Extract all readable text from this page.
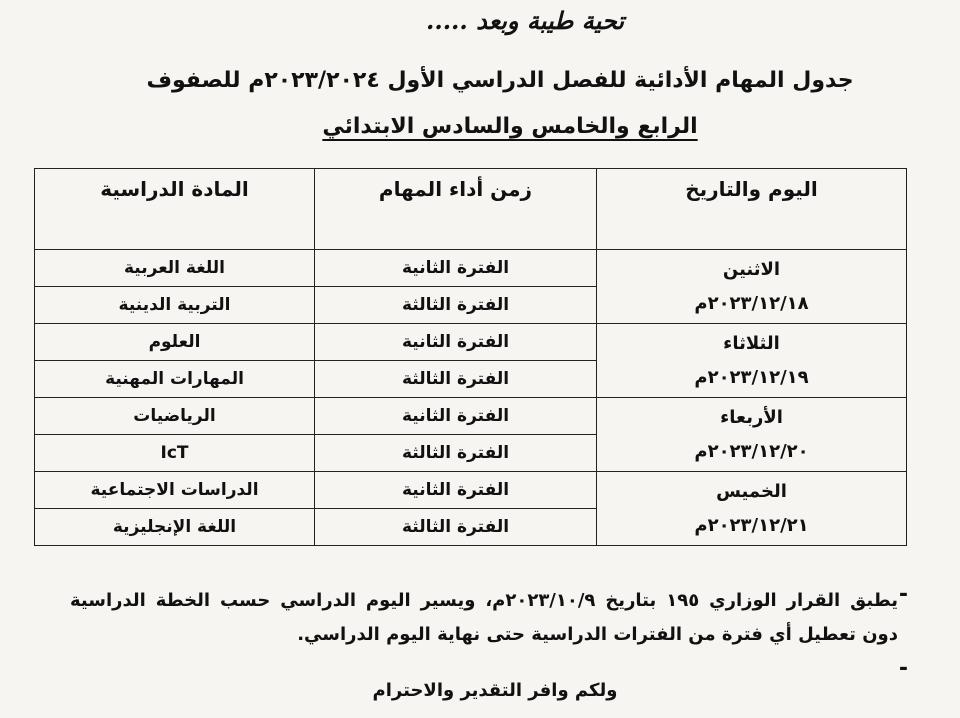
تحية طيبة وبعد .....
جدول المهام الأدائية للفصل الدراسي الأول ٢٠٢٣/٢٠٢٤م للصفوف
الرابع والخامس والسادس الابتدائي
اليوم والتاريخ	زمن أداء المهام	المادة الدراسية

الاثنين
٢٠٢٣/١٢/١٨م	الفترة الثانية	اللغة العربية
	الفترة الثالثة	التربية الدينية

الثلاثاء
٢٠٢٣/١٢/١٩م	الفترة الثانية	العلوم
	الفترة الثالثة	المهارات المهنية

الأربعاء
٢٠٢٣/١٢/٢٠م	الفترة الثانية	الرياضيات
	الفترة الثالثة	IcT

الخميس
٢٠٢٣/١٢/٢١م	الفترة الثانية	الدراسات الاجتماعية
	الفترة الثالثة	اللغة الإنجليزية
-
يطبق القرار الوزاري ١٩٥ بتاريخ ٢٠٢٣/١٠/٩م، ويسير اليوم الدراسي حسب الخطة الدراسية دون تعطيل أي فترة من الفترات الدراسية حتى نهاية اليوم الدراسي.
-
ولكم وافر التقدير والاحترام
